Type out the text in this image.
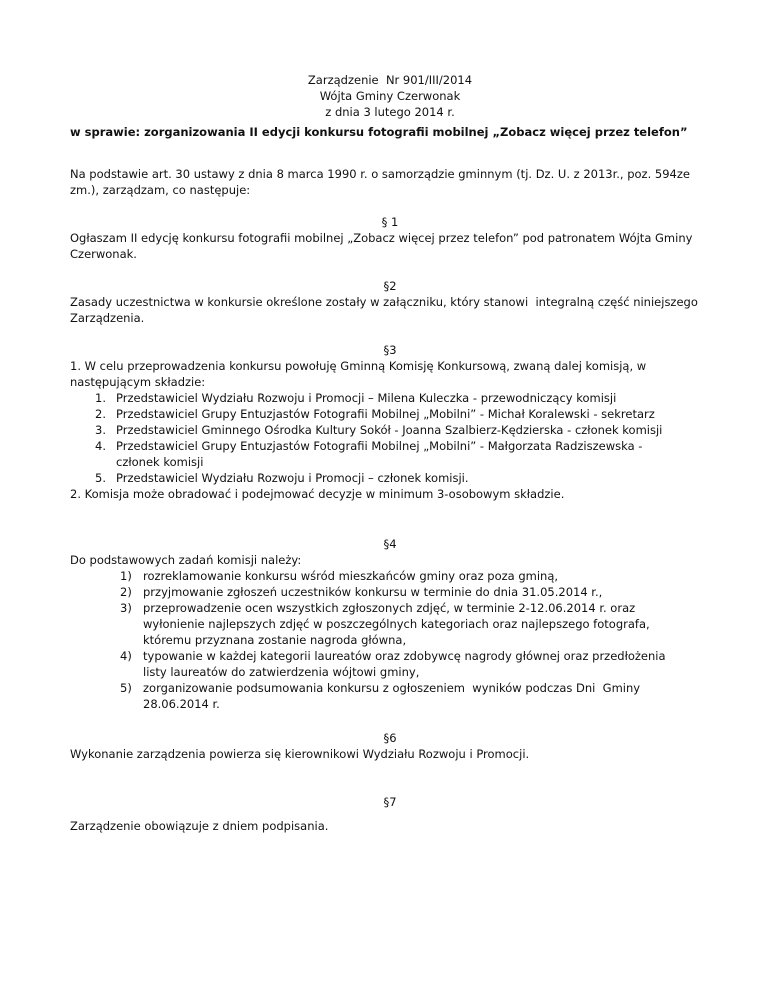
Zarządzenie  Nr 901/III/2014
Wójta Gminy Czerwonak
z dnia 3 lutego 2014 r.
w sprawie: zorganizowania II edycji konkursu fotografii mobilnej „Zobacz więcej przez telefon”

Na podstawie art. 30 ustawy z dnia 8 marca 1990 r. o samorządzie gminnym (tj. Dz. U. z 2013r., poz. 594ze zm.), zarządzam, co następuje:

§ 1

Ogłaszam II edycję konkursu fotografii mobilnej „Zobacz więcej przez telefon” pod patronatem Wójta Gminy Czerwonak.

§2

Zasady uczestnictwa w konkursie określone zostały w załączniku, który stanowi  integralną część niniejszego Zarządzenia.

§3

1. W celu przeprowadzenia konkursu powołuję Gminną Komisję Konkursową, zwaną dalej komisją, w następującym składzie:

1. Przedstawiciel Wydziału Rozwoju i Promocji – Milena Kuleczka - przewodniczący komisji
2. Przedstawiciel Grupy Entuzjastów Fotografii Mobilnej „Mobilni” - Michał Koralewski - sekretarz
3. Przedstawiciel Gminnego Ośrodka Kultury Sokół - Joanna Szalbierz-Kędzierska - członek komisji
4. Przedstawiciel Grupy Entuzjastów Fotografii Mobilnej „Mobilni” - Małgorzata Radziszewska - członek komisji
5. Przedstawiciel Wydziału Rozwoju i Promocji – członek komisji.

2. Komisja może obradować i podejmować decyzje w minimum 3-osobowym składzie.

§4

Do podstawowych zadań komisji należy:

1) rozreklamowanie konkursu wśród mieszkańców gminy oraz poza gminą,
2) przyjmowanie zgłoszeń uczestników konkursu w terminie do dnia 31.05.2014 r.,
3) przeprowadzenie ocen wszystkich zgłoszonych zdjęć, w terminie 2-12.06.2014 r. oraz wyłonienie najlepszych zdjęć w poszczególnych kategoriach oraz najlepszego fotografa, któremu przyznana zostanie nagroda główna,
4) typowanie w każdej kategorii laureatów oraz zdobywcę nagrody głównej oraz przedłożenia listy laureatów do zatwierdzenia wójtowi gminy,
5) zorganizowanie podsumowania konkursu z ogłoszeniem  wyników podczas Dni  Gminy 28.06.2014 r.
§6

Wykonanie zarządzenia powierza się kierownikowi Wydziału Rozwoju i Promocji.

§7

Zarządzenie obowiązuje z dniem podpisania.
